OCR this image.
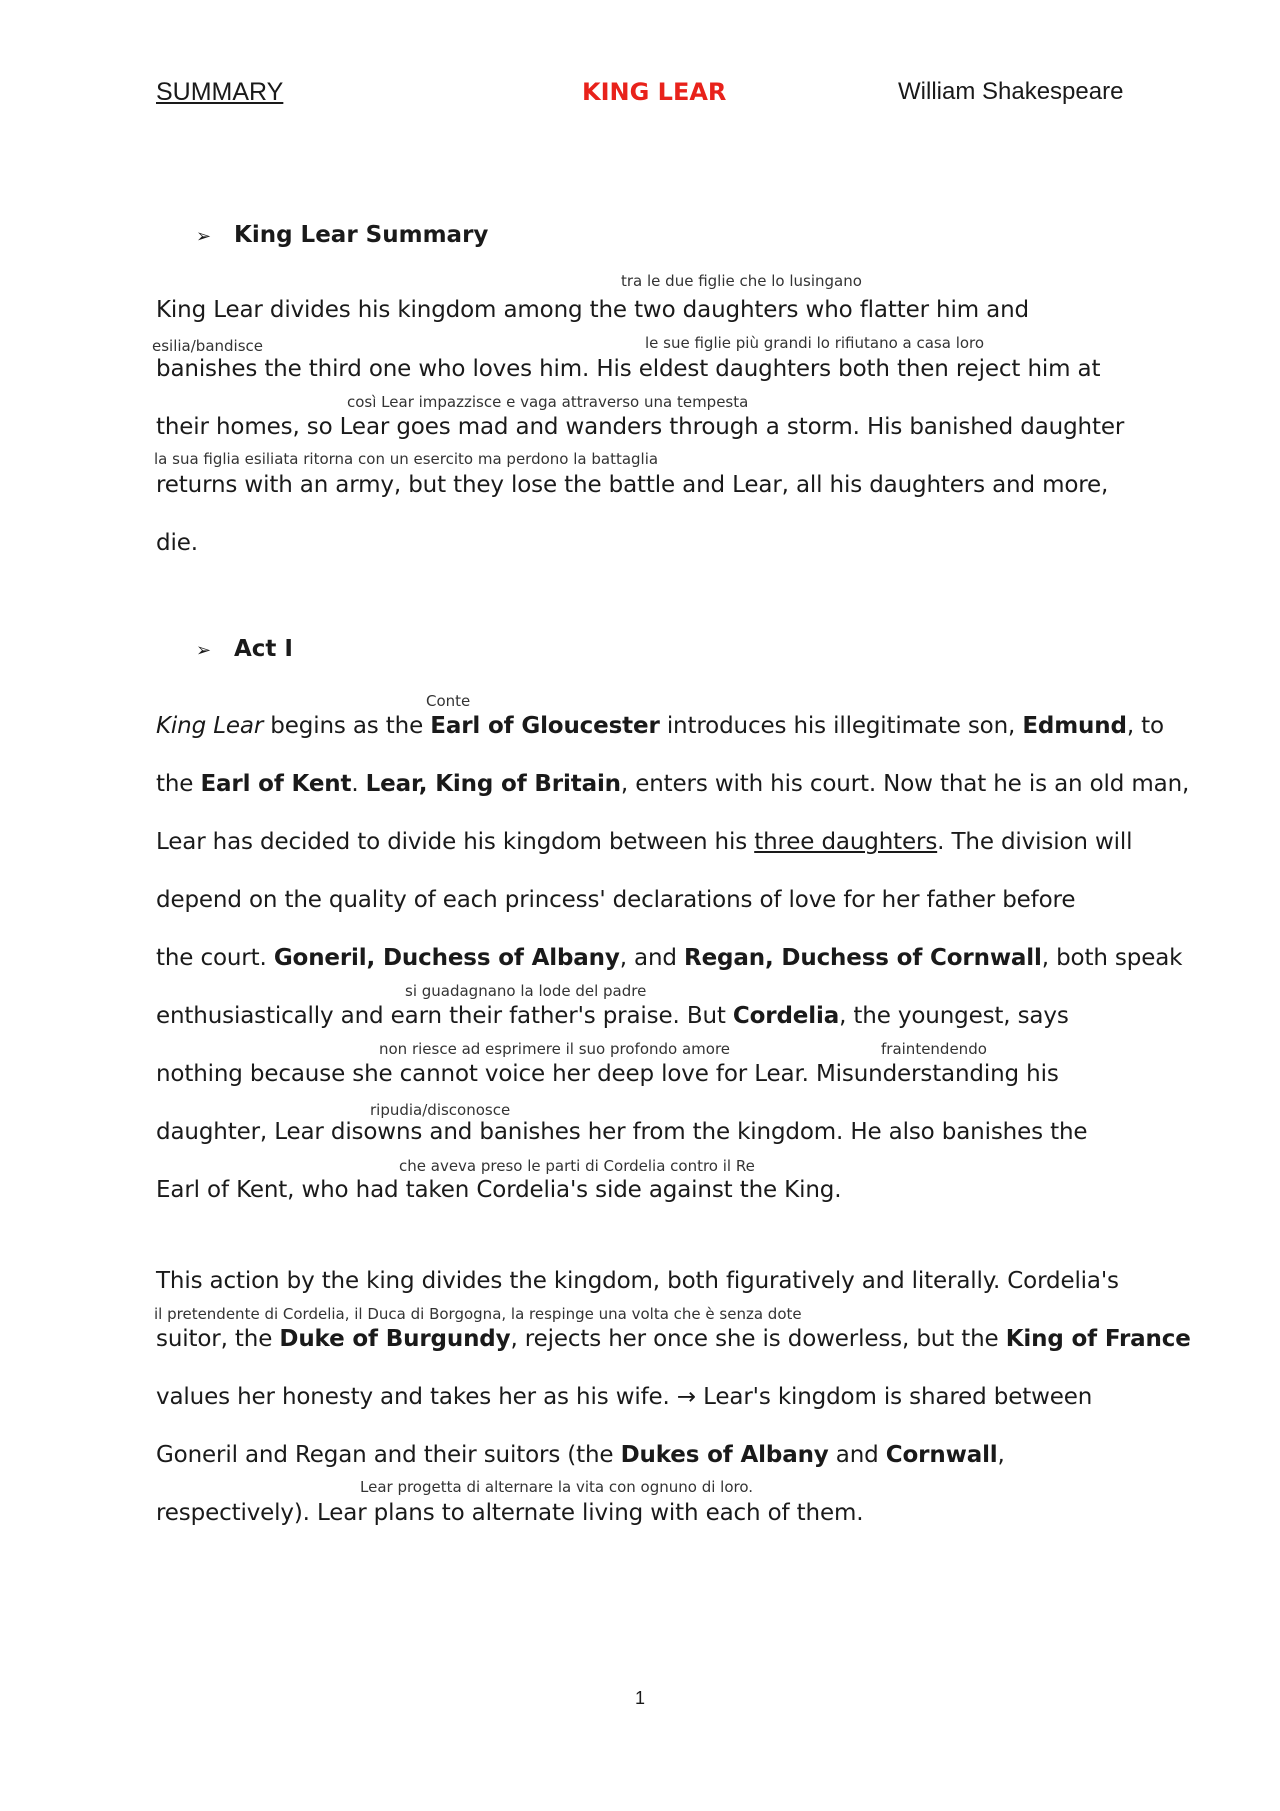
SUMMARY	KING LEAR	William Shakespeare
➢ King Lear Summary
tra le due figlie che lo lusingano
King Lear divides his kingdom among the two daughters who flatter him and
esilia/bandisce	le sue figlie più grandi lo rifiutano a casa loro
banishes the third one who loves him. His eldest daughters both then reject him at
così Lear impazzisce e vaga attraverso una tempesta
their homes, so Lear goes mad and wanders through a storm. His banished daughter
la sua figlia esiliata ritorna con un esercito ma perdono la battaglia
returns with an army, but they lose the battle and Lear, all his daughters and more,
die.
➢ Act I
Conte
King Lear begins as the Earl of Gloucester introduces his illegitimate son, Edmund, to
the Earl of Kent. Lear, King of Britain, enters with his court. Now that he is an old man,
Lear has decided to divide his kingdom between his three daughters. The division will
depend on the quality of each princess' declarations of love for her father before
the court. Goneril, Duchess of Albany, and Regan, Duchess of Cornwall, both speak
si guadagnano la lode del padre
enthusiastically and earn their father's praise. But Cordelia, the youngest, says
non riesce ad esprimere il suo profondo amore	fraintendendo
nothing because she cannot voice her deep love for Lear. Misunderstanding his
ripudia/disconosce
daughter, Lear disowns and banishes her from the kingdom. He also banishes the
che aveva preso le parti di Cordelia contro il Re
Earl of Kent, who had taken Cordelia's side against the King.
This action by the king divides the kingdom, both figuratively and literally. Cordelia's
il pretendente di Cordelia, il Duca di Borgogna, la respinge una volta che è senza dote
suitor, the Duke of Burgundy, rejects her once she is dowerless, but the King of France
values her honesty and takes her as his wife. → Lear's kingdom is shared between
Goneril and Regan and their suitors (the Dukes of Albany and Cornwall,
Lear progetta di alternare la vita con ognuno di loro.
respectively). Lear plans to alternate living with each of them.
1
